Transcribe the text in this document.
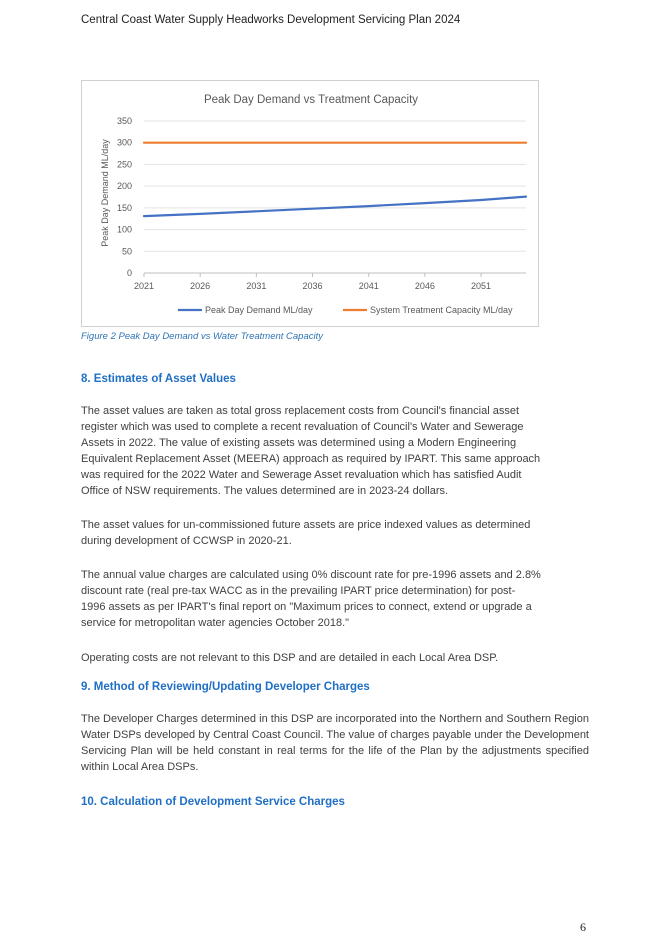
Central Coast Water Supply Headworks Development Servicing Plan 2024
Peak Day Demand vs Treatment Capacity
Peak Day Demand ML/day
0
50
100
150
200
250
300
350
2021	2026	2031	2036	2041	2046	2051
Peak Day Demand ML/day	System Treatment Capacity ML/day
Figure 2 Peak Day Demand vs Water Treatment Capacity
8. Estimates of Asset Values
The asset values are taken as total gross replacement costs from Council's financial asset
register which was used to complete a recent revaluation of Council's Water and Sewerage
Assets in 2022. The value of existing assets was determined using a Modern Engineering
Equivalent Replacement Asset (MEERA) approach as required by IPART. This same approach
was required for the 2022 Water and Sewerage Asset revaluation which has satisfied Audit
Office of NSW requirements. The values determined are in 2023-24 dollars.
The asset values for un-commissioned future assets are price indexed values as determined
during development of CCWSP in 2020-21.
The annual value charges are calculated using 0% discount rate for pre-1996 assets and 2.8%
discount rate (real pre-tax WACC as in the prevailing IPART price determination) for post-
1996 assets as per IPART's final report on "Maximum prices to connect, extend or upgrade a
service for metropolitan water agencies October 2018."
Operating costs are not relevant to this DSP and are detailed in each Local Area DSP.
9. Method of Reviewing/Updating Developer Charges
The Developer Charges determined in this DSP are incorporated into the Northern and Southern Region Water DSPs developed by Central Coast Council. The value of charges payable under the Development Servicing Plan will be held constant in real terms for the life of the Plan by the adjustments specified within Local Area DSPs.
10. Calculation of Development Service Charges
6
